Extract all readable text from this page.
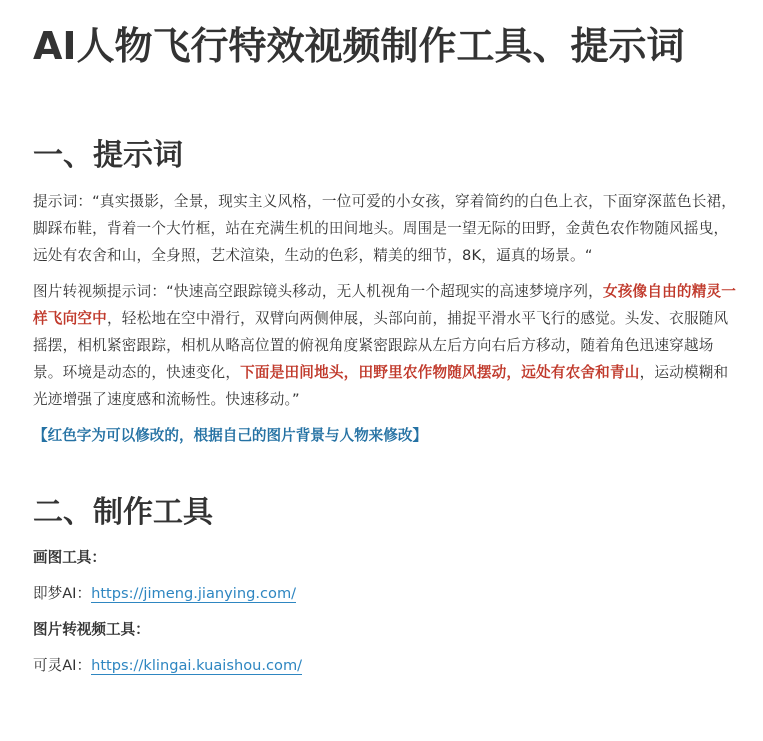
AI人物飞行特效视频制作工具、提示词
一、提示词

提示词：“真实摄影，全景，现实主义风格，一位可爱的小女孩，穿着简约的白色上衣，下面穿深蓝色长裙，脚踩布鞋，背着一个大竹框，站在充满生机的田间地头。周围是一望无际的田野，金黄色农作物随风摇曳，远处有农舍和山，全身照，艺术渲染，生动的色彩，精美的细节，8K，逼真的场景。“

图片转视频提示词：“快速高空跟踪镜头移动，无人机视角一个超现实的高速梦境序列，女孩像自由的精灵一样飞向空中，轻松地在空中滑行，双臂向两侧伸展，头部向前，捕捉平滑水平飞行的感觉。头发、衣服随风摇摆，相机紧密跟踪，相机从略高位置的俯视角度紧密跟踪从左后方向右后方移动，随着角色迅速穿越场景。环境是动态的，快速变化，下面是田间地头，田野里农作物随风摆动，远处有农舍和青山，运动模糊和光迹增强了速度感和流畅性。快速移动。”

【红色字为可以修改的，根据自己的图片背景与人物来修改】

二、制作工具

画图工具：

即梦AI：https://jimeng.jianying.com/

图片转视频工具：

可灵AI：https://klingai.kuaishou.com/
